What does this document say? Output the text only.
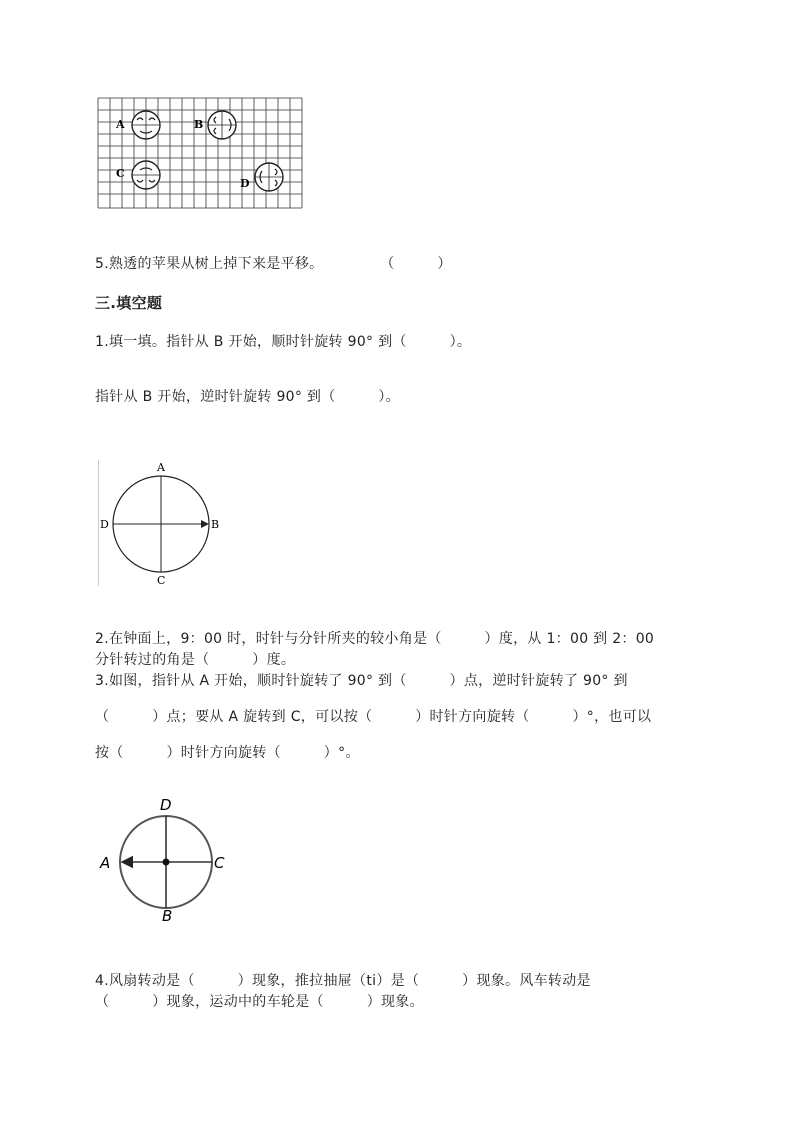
A	B
C
D
5.熟透的苹果从树上掉下来是平移。	（　　　）
三.填空题
1.填一填。指针从 B 开始，顺时针旋转 90° 到（　　　）。
指针从 B 开始，逆时针旋转 90° 到（　　　）。
A
B
C
D
2.在钟面上，9：00 时，时针与分针所夹的较小角是（　　　）度，从 1：00 到 2：00
分针转过的角是（　　　）度。
3.如图，指针从 A 开始，顺时针旋转了 90° 到（　　　）点，逆时针旋转了 90° 到
（　　　）点；要从 A 旋转到 C，可以按（　　　）时针方向旋转（　　　）°，也可以
按（　　　）时针方向旋转（　　　）°。
D
C
B
A
4.风扇转动是（　　　）现象，推拉抽屉（ti）是（　　　）现象。风车转动是
（　　　）现象，运动中的车轮是（　　　）现象。
